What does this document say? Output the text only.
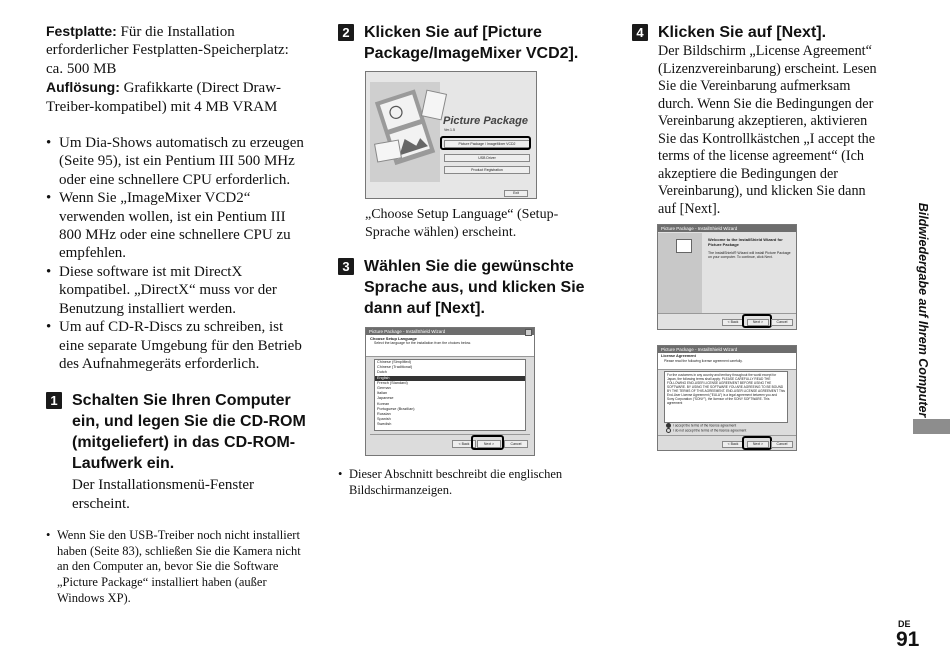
Festplatte: Für die Installation erforderlicher Festplatten-Speicherplatz: ca. 500 MB

Auflösung: Grafikkarte (Direct Draw-Treiber-kompatibel) mit 4 MB VRAM

• Um Dia-Shows automatisch zu erzeugen (Seite 95), ist ein Pentium III 500 MHz oder eine schnellere CPU erforderlich.
• Wenn Sie „ImageMixer VCD2“ verwenden wollen, ist ein Pentium III 800 MHz oder eine schnellere CPU zu empfehlen.
• Diese software ist mit DirectX kompatibel. „DirectX“ muss vor der Benutzung installiert werden.
• Um auf CD-R-Discs zu schreiben, ist eine separate Umgebung für den Betrieb des Aufnahmegeräts erforderlich.
1 Schalten Sie Ihren Computer ein, und legen Sie die CD-ROM (mitgeliefert) in das CD-ROM-Laufwerk ein.

Der Installationsmenü-Fenster erscheint.

• Wenn Sie den USB-Treiber noch nicht installiert haben (Seite 83), schließen Sie die Kamera nicht an den Computer an, bevor Sie die Software „Picture Package“ installiert haben (außer Windows XP).
2 Klicken Sie auf [Picture Package/ImageMixer VCD2].
Picture Package
Ver.1.5
Picture Package / ImageMixer VCD2
USB Driver
Product Registration
Exit

„Choose Setup Language“ (Setup-Sprache wählen) erscheint.

3 Wählen Sie die gewünschte Sprache aus, und klicken Sie dann auf [Next].
Picture Package - InstallShield Wizard
Choose Setup Language
Select the language for the installation from the choices below.
Chinese (Simplified)
Chinese (Traditional)
Dutch
English
French (Standard)
German
Italian
Japanese
Korean
Portuguese (Brazilian)
Russian
Spanish
Swedish
< Back	Next >	Cancel
• Dieser Abschnitt beschreibt die englischen Bildschirmanzeigen.
4 Klicken Sie auf [Next].

Der Bildschirm „License Agreement“ (Lizenzvereinbarung) erscheint. Lesen Sie die Vereinbarung aufmerksam durch. Wenn Sie die Bedingungen der Vereinbarung akzeptieren, aktivieren Sie das Kontrollkästchen „I accept the terms of the license agreement“ (Ich akzeptiere die Bedingungen der Vereinbarung), und klicken Sie dann auf [Next].

Picture Package - InstallShield Wizard
Welcome to the InstallShield Wizard for Picture Package
The InstallShield® Wizard will install Picture Package on your computer. To continue, click Next.
< Back	Next >	Cancel
Picture Package - InstallShield Wizard
License Agreement
Please read the following license agreement carefully.
For the customers in any country and territory throughout the world except for Japan, the following terms shall apply: PLEASE CAREFULLY READ THE FOLLOWING END-USER LICENSE AGREEMENT BEFORE USING THE SOFTWARE. BY USING THE SOFTWARE YOU ARE AGREEING TO BE BOUND BY THE TERMS OF THIS AGREEMENT. END-USER LICENSE AGREEMENT This End-User License Agreement ("EULA") is a legal agreement between you and Sony Corporation ("SONY"), the licensor of the SONY SOFTWARE. This agreement
I accept the terms of the license agreement
I do not accept the terms of the license agreement
< Back	Next >	Cancel
Bildwiedergabe auf Ihrem Computer
DE
91
